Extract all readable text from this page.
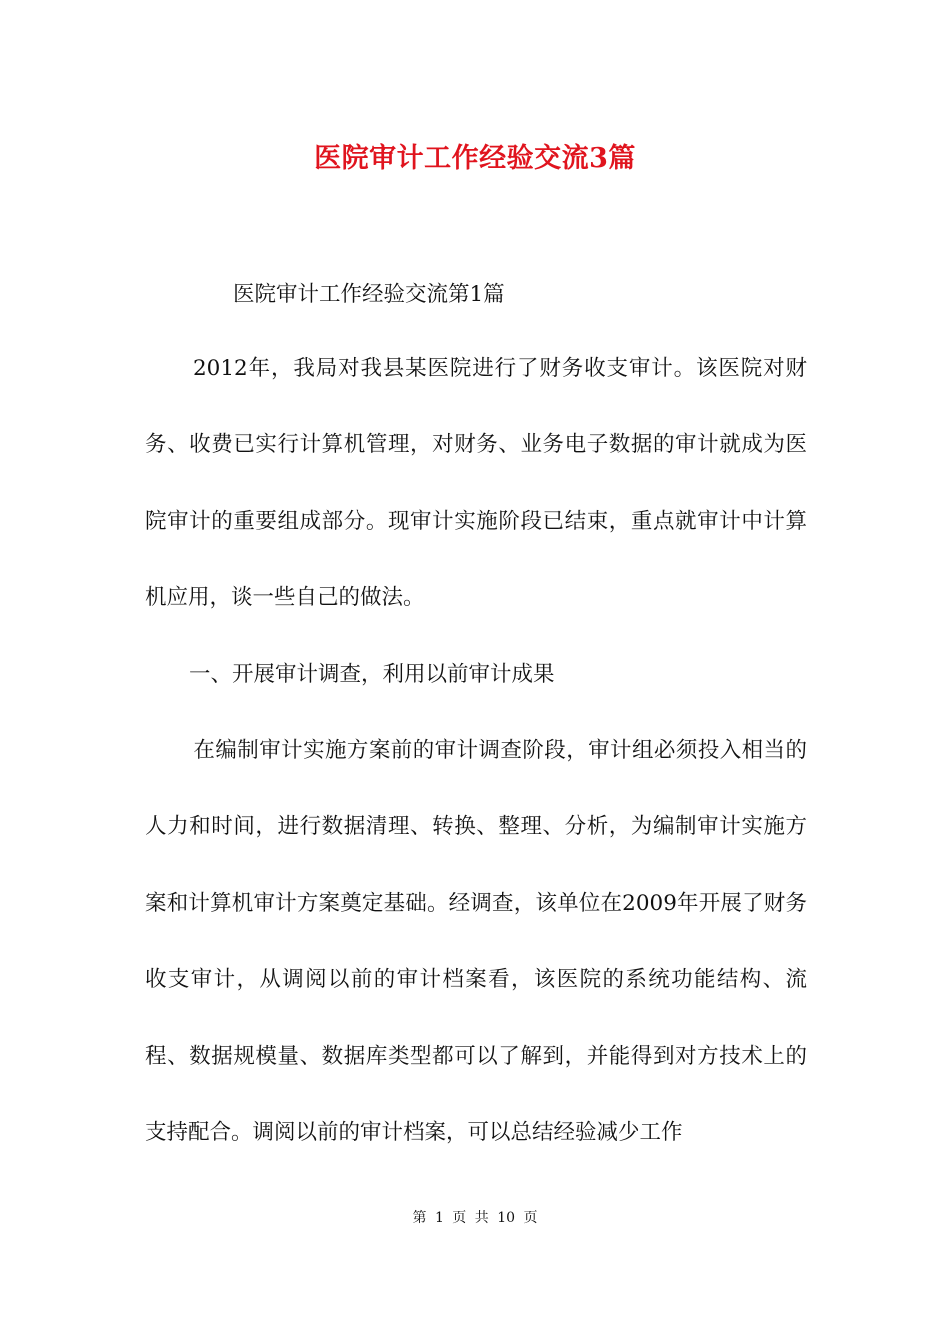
医院审计工作经验交流3篇
医院审计工作经验交流第1篇
2012年，我局对我县某医院进行了财务收支审计。该医院对财务、收费已实行计算机管理，对财务、业务电子数据的审计就成为医院审计的重要组成部分。现审计实施阶段已结束，重点就审计中计算机应用，谈一些自己的做法。
一、开展审计调查，利用以前审计成果
在编制审计实施方案前的审计调查阶段，审计组必须投入相当的人力和时间，进行数据清理、转换、整理、分析，为编制审计实施方案和计算机审计方案奠定基础。经调查，该单位在2009年开展了财务收支审计，从调阅以前的审计档案看，该医院的系统功能结构、流程、数据规模量、数据库类型都可以了解到，并能得到对方技术上的支持配合。调阅以前的审计档案，可以总结经验减少工作
第 1 页 共 10 页
